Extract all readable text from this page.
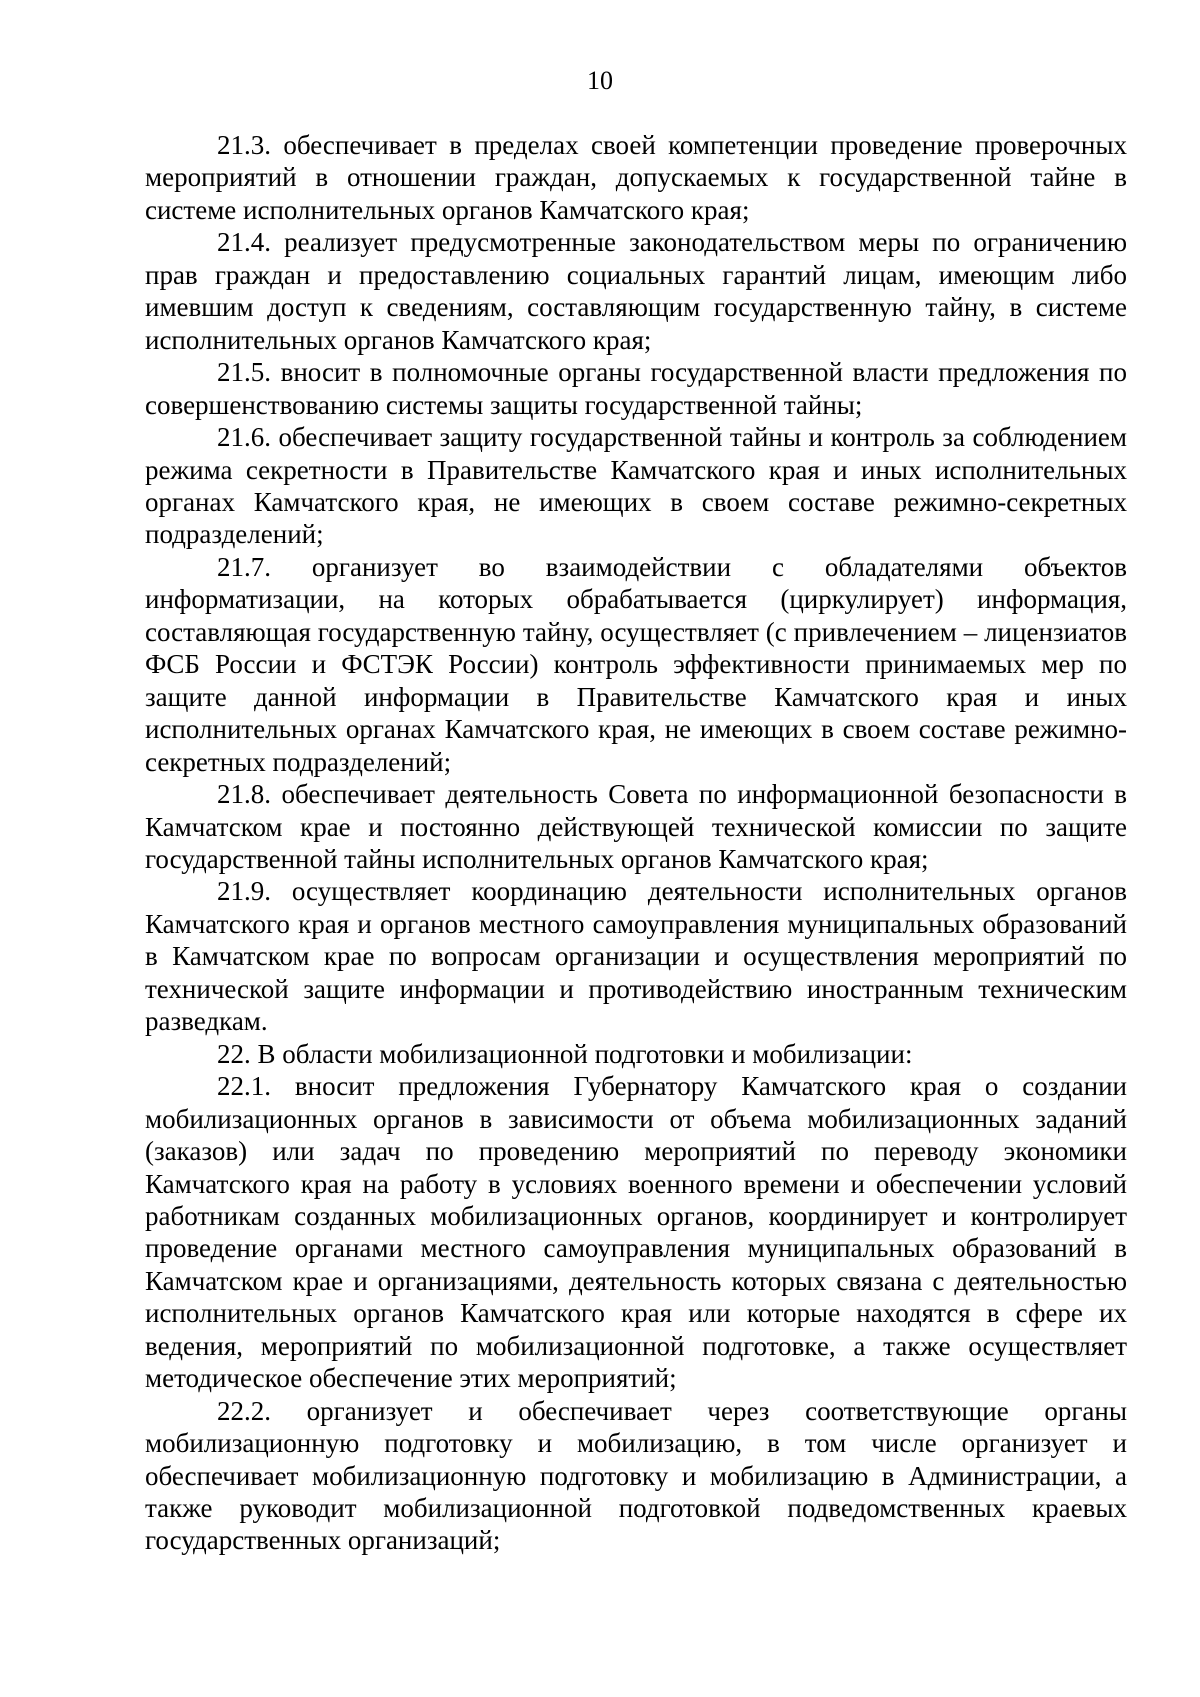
10

21.3. обеспечивает в пределах своей компетенции проведение проверочных мероприятий в отношении граждан, допускаемых к государственной тайне в системе исполнительных органов Камчатского края;

21.4. реализует предусмотренные законодательством меры по ограничению прав граждан и предоставлению социальных гарантий лицам, имеющим либо имевшим доступ к сведениям, составляющим государственную тайну, в системе исполнительных органов Камчатского края;

21.5. вносит в полномочные органы государственной власти предложения по совершенствованию системы защиты государственной тайны;

21.6. обеспечивает защиту государственной тайны и контроль за соблюдением режима секретности в Правительстве Камчатского края и иных исполнительных органах Камчатского края, не имеющих в своем составе режимно-секретных подразделений;

21.7. организует во взаимодействии с обладателями объектов информатизации, на которых обрабатывается (циркулирует) информация, составляющая государственную тайну, осуществляет (с привлечением – лицензиатов ФСБ России и ФСТЭК России) контроль эффективности принимаемых мер по защите данной информации в Правительстве Камчатского края и иных исполнительных органах Камчатского края, не имеющих в своем составе режимно-секретных подразделений;

21.8. обеспечивает деятельность Совета по информационной безопасности в Камчатском крае и постоянно действующей технической комиссии по защите государственной тайны исполнительных органов Камчатского края;

21.9. осуществляет координацию деятельности исполнительных органов Камчатского края и органов местного самоуправления муниципальных образований в Камчатском крае по вопросам организации и осуществления мероприятий по технической защите информации и противодействию иностранным техническим разведкам.

22. В области мобилизационной подготовки и мобилизации:

22.1. вносит предложения Губернатору Камчатского края о создании мобилизационных органов в зависимости от объема мобилизационных заданий (заказов) или задач по проведению мероприятий по переводу экономики Камчатского края на работу в условиях военного времени и обеспечении условий работникам созданных мобилизационных органов, координирует и контролирует проведение органами местного самоуправления муниципальных образований в Камчатском крае и организациями, деятельность которых связана с деятельностью исполнительных органов Камчатского края или которые находятся в сфере их ведения, мероприятий по мобилизационной подготовке, а также осуществляет методическое обеспечение этих мероприятий;

22.2. организует и обеспечивает через соответствующие органы мобилизационную подготовку и мобилизацию, в том числе организует и обеспечивает мобилизационную подготовку и мобилизацию в Администрации, а также руководит мобилизационной подготовкой подведомственных краевых государственных организаций;
